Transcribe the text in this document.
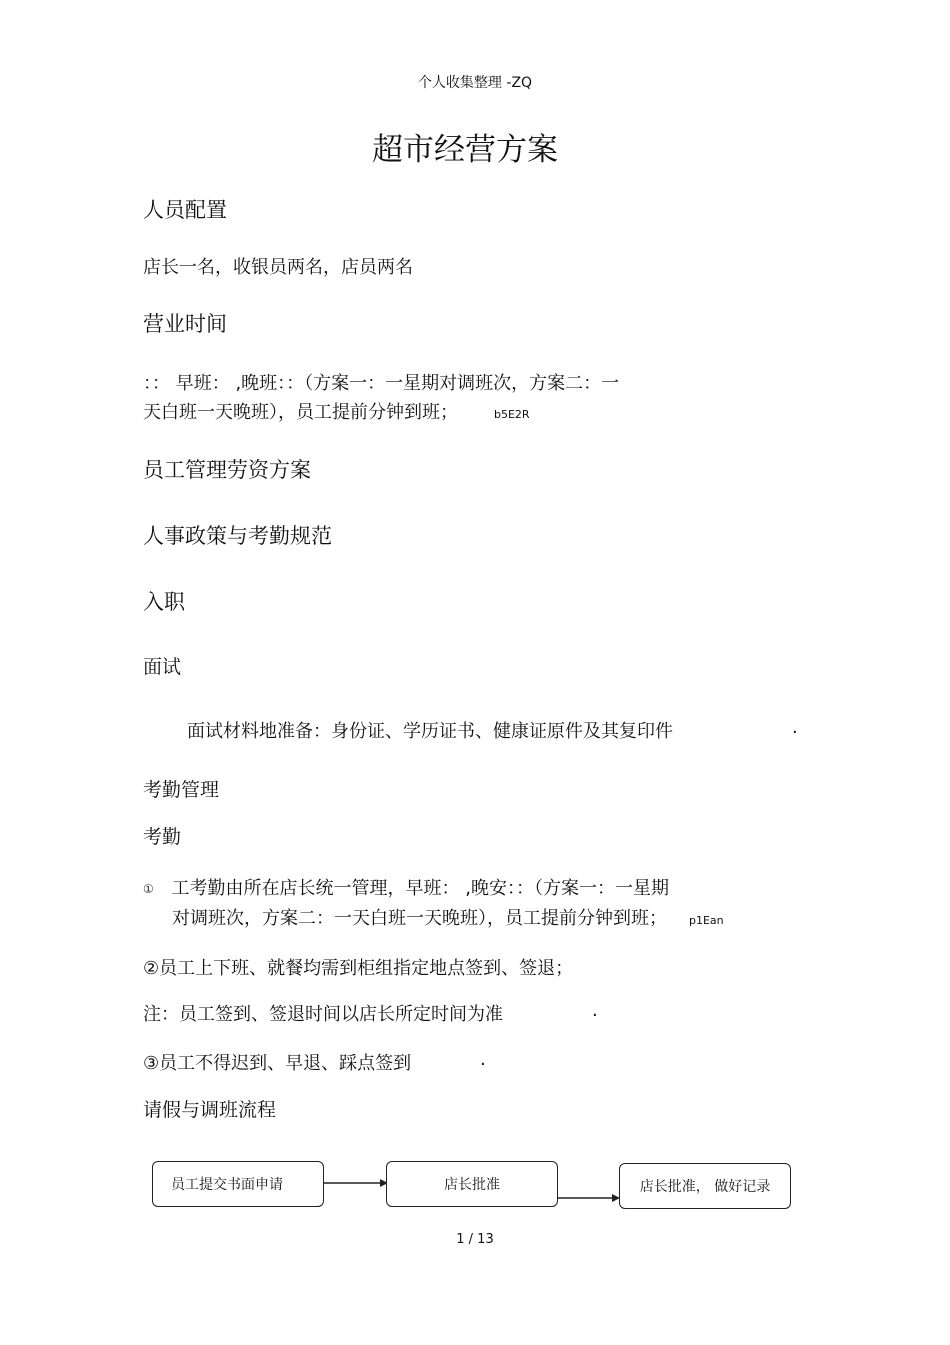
个人收集整理 -ZQ
超市经营方案
人员配置
店长一名，收银员两名，店员两名
营业时间
：： 早班： ,晚班：：（方案一：一星期对调班次，方案二：一
天白班一天晚班），员工提前分钟到班；	b5E2R
员工管理劳资方案
人事政策与考勤规范
入职
面试
面试材料地准备：身份证、学历证书、健康证原件及其复印件	.
考勤管理
考勤
① 工考勤由所在店长统一管理，早班： ,晚安：：（方案一：一星期
对调班次，方案二：一天白班一天晚班），员工提前分钟到班； p1Ean
②员工上下班、就餐均需到柜组指定地点签到、签退；
注：员工签到、签退时间以店长所定时间为准	.
③员工不得迟到、早退、踩点签到	.
请假与调班流程
员工提交书面申请	店长批准	店长批准， 做好记录
1 / 13
